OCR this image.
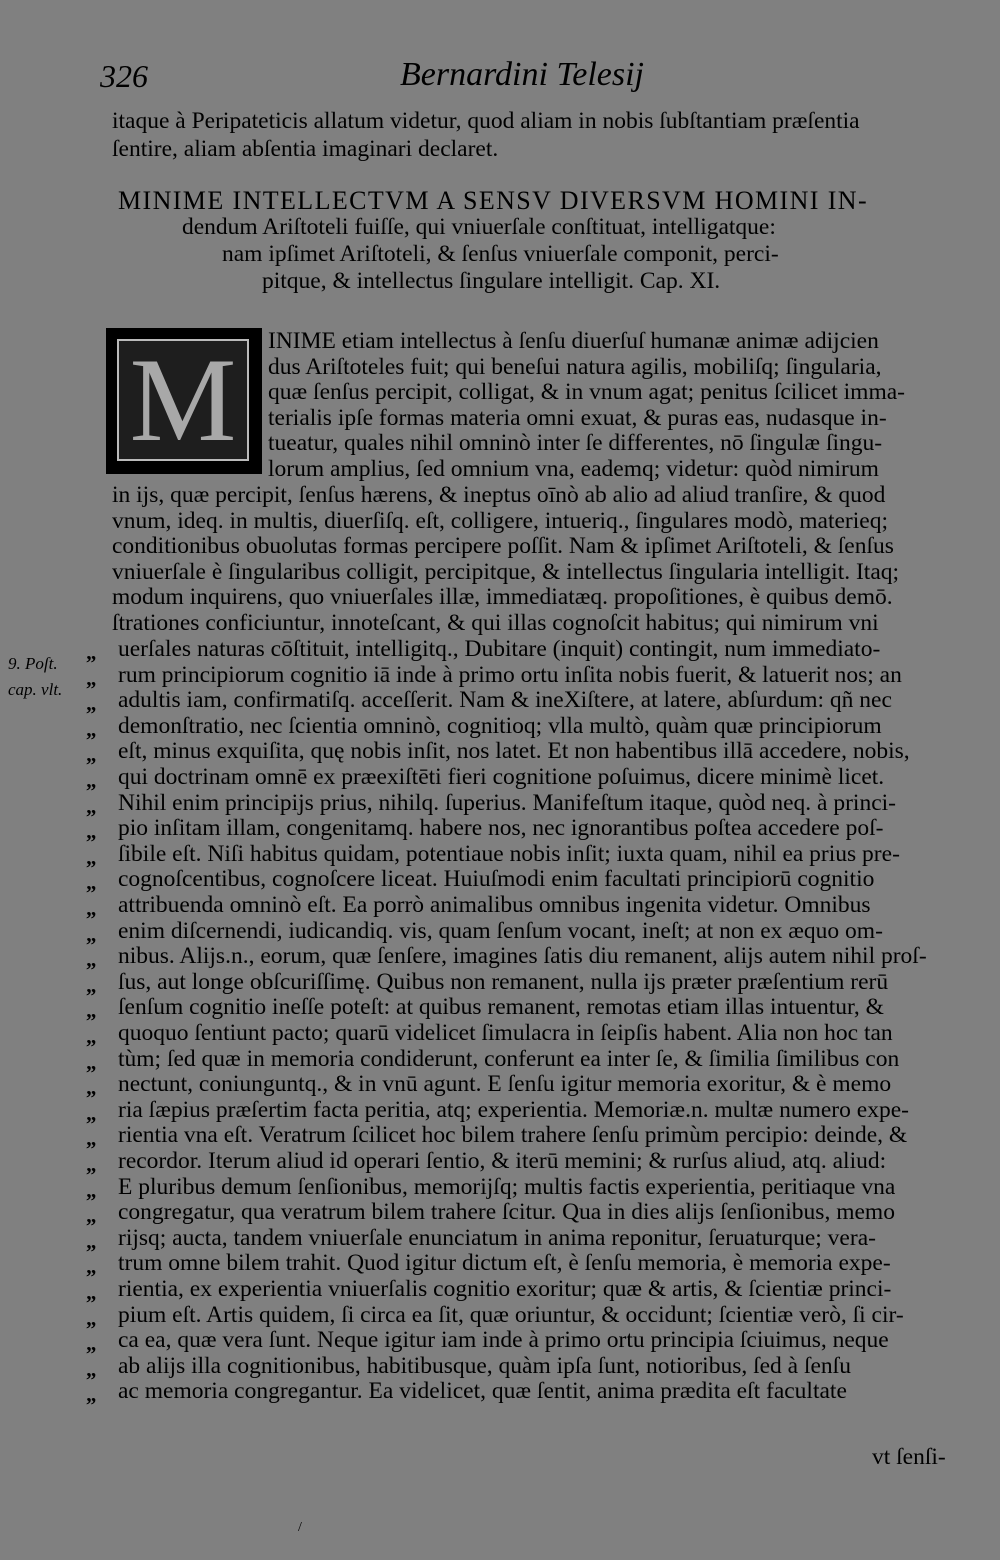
326	Bernardini Telesij
itaque à Peripateticis allatum videtur, quod aliam in nobis ſubſtantiam præſentia
ſentire, aliam abſentia imaginari declaret.
MINIME INTELLECTVM A SENSV DIVERSVM HOMINI IN-
dendum Ariſtoteli fuiſſe, qui vniuerſale conſtituat, intelligatque:
nam ipſimet Ariſtoteli, & ſenſus vniuerſale componit, perci-
pitque, & intellectus ſingulare intelligit. Cap. XI.
M	INIME etiam intellectus à ſenſu diuerſuſ humanæ animæ adijcien
dus Ariſtoteles fuit; qui beneſui natura agilis, mobiliſq; ſingularia,
quæ ſenſus percipit, colligat, & in vnum agat; penitus ſcilicet imma-
terialis ipſe formas materia omni exuat, & puras eas, nudasque in-
tueatur, quales nihil omninò inter ſe differentes, nō ſingulæ ſingu-
lorum amplius, ſed omnium vna, eademq; videtur: quòd nimirum
in ijs, quæ percipit, ſenſus hærens, & ineptus oīnò ab alio ad aliud tranſire, & quod
vnum, ideq. in multis, diuerſiſq. eſt, colligere, intueriq., ſingulares modò, materieq;
conditionibus obuolutas formas percipere poſſit. Nam & ipſimet Ariſtoteli, & ſenſus
vniuerſale è ſingularibus colligit, percipitque, & intellectus ſingularia intelligit. Itaq;
modum inquirens, quo vniuerſales illæ, immediatæq. propoſitiones, è quibus demō.
ſtrationes conficiuntur, innoteſcant, & qui illas cognoſcit habitus; qui nimirum vni
uerſales naturas cōſtituit, intelligitq., Dubitare (inquit) contingit, num immediato-
„
rum principiorum cognitio iā inde à primo ortu inſita nobis fuerit, & latuerit nos; an
„
adultis iam, confirmatiſq. acceſſerit. Nam & ineXiſtere, at latere, abſurdum: qñ nec
„
demonſtratio, nec ſcientia omninò, cognitioq; vlla multò, quàm quæ principiorum
„
eſt, minus exquiſita, quę nobis inſit, nos latet. Et non habentibus illā accedere, nobis,
„
qui doctrinam omnē ex præexiſtēti fieri cognitione poſuimus, dicere minimè licet.
„
Nihil enim principijs prius, nihilq. ſuperius. Manifeſtum itaque, quòd neq. à princi-
„
pio inſitam illam, congenitamq. habere nos, nec ignorantibus poſtea accedere poſ-
„
ſibile eſt. Niſi habitus quidam, potentiaue nobis inſit; iuxta quam, nihil ea prius pre-
„
cognoſcentibus, cognoſcere liceat. Huiuſmodi enim facultati principiorū cognitio
„
attribuenda omninò eſt. Ea porrò animalibus omnibus ingenita videtur. Omnibus
„
enim diſcernendi, iudicandiq. vis, quam ſenſum vocant, ineſt; at non ex æquo om-
„
nibus. Alijs.n., eorum, quæ ſenſere, imagines ſatis diu remanent, alijs autem nihil proſ-
„
ſus, aut longe obſcuriſſimę. Quibus non remanent, nulla ijs præter præſentium rerū
„
ſenſum cognitio ineſſe poteſt: at quibus remanent, remotas etiam illas intuentur, &
„
quoquo ſentiunt pacto; quarū videlicet ſimulacra in ſeipſis habent. Alia non hoc tan
„
tùm; ſed quæ in memoria condiderunt, conferunt ea inter ſe, & ſimilia ſimilibus con
„
nectunt, coniunguntq., & in vnū agunt. E ſenſu igitur memoria exoritur, & è memo
„
ria ſæpius præſertim facta peritia, atq; experientia. Memoriæ.n. multæ numero expe-
„
rientia vna eſt. Veratrum ſcilicet hoc bilem trahere ſenſu primùm percipio: deinde, &
„
recordor. Iterum aliud id operari ſentio, & iterū memini; & rurſus aliud, atq. aliud:
„
E pluribus demum ſenſionibus, memorijſq; multis factis experientia, peritiaque vna
„
congregatur, qua veratrum bilem trahere ſcitur. Qua in dies alijs ſenſionibus, memo
„
rijsq; aucta, tandem vniuerſale enunciatum in anima reponitur, ſeruaturque; vera-
„
trum omne bilem trahit. Quod igitur dictum eſt, è ſenſu memoria, è memoria expe-
„
rientia, ex experientia vniuerſalis cognitio exoritur; quæ & artis, & ſcientiæ princi-
„
pium eſt. Artis quidem, ſi circa ea ſit, quæ oriuntur, & occidunt; ſcientiæ verò, ſi cir-
„
ca ea, quæ vera ſunt. Neque igitur iam inde à primo ortu principia ſciuimus, neque
„
ab alijs illa cognitionibus, habitibusque, quàm ipſa ſunt, notioribus, ſed à ſenſu
„
ac memoria congregantur. Ea videlicet, quæ ſentit, anima prædita eſt facultate
„
9. Poſt.
cap. vlt.
vt ſenſi-
/
